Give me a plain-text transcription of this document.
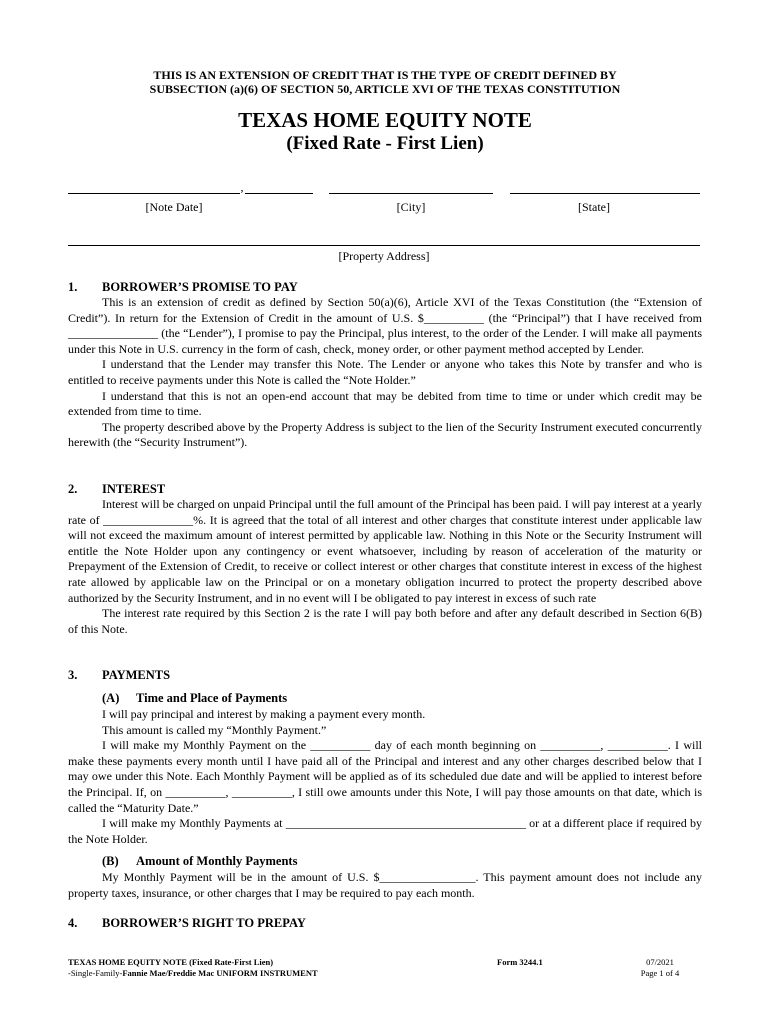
THIS IS AN EXTENSION OF CREDIT THAT IS THE TYPE OF CREDIT DEFINED BY
SUBSECTION (a)(6) OF SECTION 50, ARTICLE XVI OF THE TEXAS CONSTITUTION
TEXAS HOME EQUITY NOTE
(Fixed Rate - First Lien)
,
[Note Date]	[City]	[State]
[Property Address]
1. BORROWER’S PROMISE TO PAY

This is an extension of credit as defined by Section 50(a)(6), Article XVI of the Texas Constitution (the “Extension of Credit”). In return for the Extension of Credit in the amount of U.S. $__________ (the “Principal”) that I have received from _______________ (the “Lender”), I promise to pay the Principal, plus interest, to the order of the Lender. I will make all payments under this Note in U.S. currency in the form of cash, check, money order, or other payment method accepted by Lender.

I understand that the Lender may transfer this Note. The Lender or anyone who takes this Note by transfer and who is entitled to receive payments under this Note is called the “Note Holder.”

I understand that this is not an open-end account that may be debited from time to time or under which credit may be extended from time to time.

The property described above by the Property Address is subject to the lien of the Security Instrument executed concurrently herewith (the “Security Instrument”).

2. INTEREST

Interest will be charged on unpaid Principal until the full amount of the Principal has been paid. I will pay interest at a yearly rate of _______________%. It is agreed that the total of all interest and other charges that constitute interest under applicable law will not exceed the maximum amount of interest permitted by applicable law. Nothing in this Note or the Security Instrument will entitle the Note Holder upon any contingency or event whatsoever, including by reason of acceleration of the maturity or Prepayment of the Extension of Credit, to receive or collect interest or other charges that constitute interest in excess of the highest rate allowed by applicable law on the Principal or on a monetary obligation incurred to protect the property described above authorized by the Security Instrument, and in no event will I be obligated to pay interest in excess of such rate

The interest rate required by this Section 2 is the rate I will pay both before and after any default described in Section 6(B) of this Note.

3. PAYMENTS
(A) Time and Place of Payments

I will pay principal and interest by making a payment every month.

This amount is called my “Monthly Payment.”

I will make my Monthly Payment on the __________ day of each month beginning on __________, __________. I will make these payments every month until I have paid all of the Principal and interest and any other charges described below that I may owe under this Note. Each Monthly Payment will be applied as of its scheduled due date and will be applied to interest before the Principal. If, on __________, __________, I still owe amounts under this Note, I will pay those amounts on that date, which is called the “Maturity Date.”

I will make my Monthly Payments at ________________________________________ or at a different place if required by the Note Holder.

(B) Amount of Monthly Payments

My Monthly Payment will be in the amount of U.S. $________________. This payment amount does not include any property taxes, insurance, or other charges that I may be required to pay each month.

4. BORROWER’S RIGHT TO PREPAY
TEXAS HOME EQUITY NOTE (Fixed Rate-First Lien)
-Single-Family-Fannie Mae/Freddie Mac UNIFORM INSTRUMENT
Form 3244.1	07/2021
Page 1 of 4
